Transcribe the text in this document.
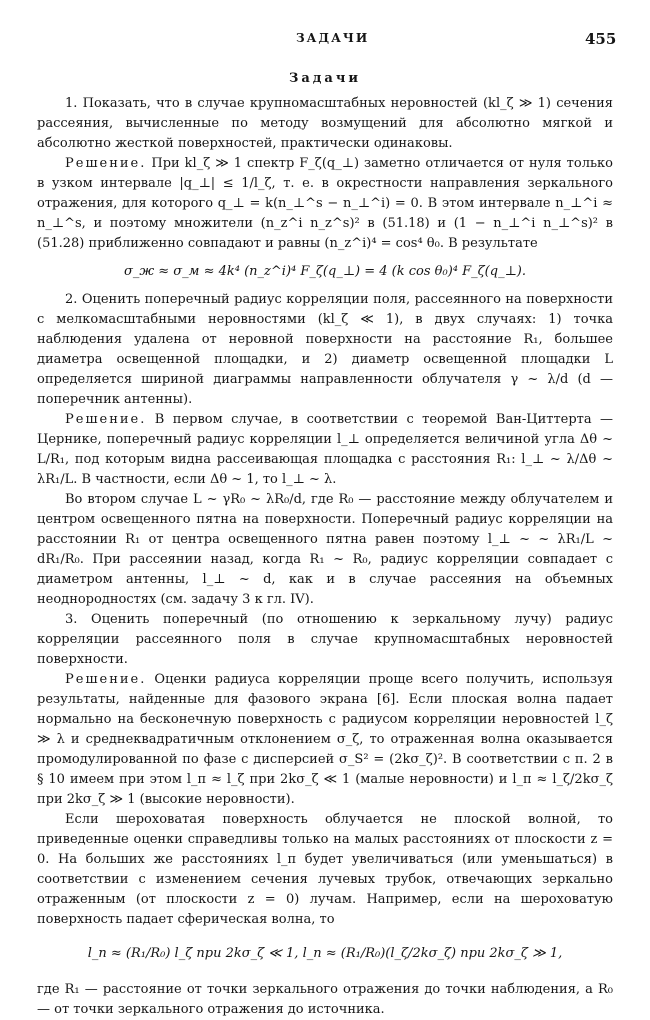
ЗАДАЧИ	455
Задачи

1. Показать, что в случае крупномасштабных неровностей (kl_ζ ≫ 1) сечения рассеяния, вычисленные по методу возмущений для абсолютно мягкой и абсолютно жесткой поверхностей, практически одинаковы.

Решение. При kl_ζ ≫ 1 спектр F_ζ(q_⊥) заметно отличается от нуля только в узком интервале |q_⊥| ≤ 1/l_ζ, т. е. в окрестности направления зеркального отражения, для которого q_⊥ = k(n_⊥^s − n_⊥^i) = 0. В этом интервале n_⊥^i ≈ n_⊥^s, и поэтому множители (n_z^i n_z^s)² в (51.18) и (1 − n_⊥^i n_⊥^s)² в (51.28) приближенно совпадают и равны (n_z^i)⁴ = cos⁴ θ₀. В результате

σ_ж ≈ σ_м ≈ 4k⁴ (n_z^i)⁴ F_ζ(q_⊥) = 4 (k cos θ₀)⁴ F_ζ(q_⊥).

2. Оценить поперечный радиус корреляции поля, рассеянного на поверхности с мелкомасштабными неровностями (kl_ζ ≪ 1), в двух случаях: 1) точка наблюдения удалена от неровной поверхности на расстояние R₁, большее диаметра освещенной площадки, и 2) диаметр освещенной площадки L определяется шириной диаграммы направленности облучателя γ ~ λ/d (d — поперечник антенны).

Решение. В первом случае, в соответствии с теоремой Ван-Циттерта — Цернике, поперечный радиус корреляции l_⊥ определяется величиной угла Δθ ~ L/R₁, под которым видна рассеивающая площадка с расстояния R₁: l_⊥ ~ λ/Δθ ~ λR₁/L. В частности, если Δθ ~ 1, то l_⊥ ~ λ.

Во втором случае L ~ γR₀ ~ λR₀/d, где R₀ — расстояние между облучателем и центром освещенного пятна на поверхности. Поперечный радиус корреляции на расстоянии R₁ от центра освещенного пятна равен поэтому l_⊥ ~ ~ λR₁/L ~ dR₁/R₀. При рассеянии назад, когда R₁ ~ R₀, радиус корреляции совпадает с диаметром антенны, l_⊥ ~ d, как и в случае рассеяния на объемных неоднородностях (см. задачу 3 к гл. IV).

3. Оценить поперечный (по отношению к зеркальному лучу) радиус корреляции рассеянного поля в случае крупномасштабных неровностей поверхности.

Решение. Оценки радиуса корреляции проще всего получить, используя результаты, найденные для фазового экрана [6]. Если плоская волна падает нормально на бесконечную поверхность с радиусом корреляции неровностей l_ζ ≫ λ и среднеквадратичным отклонением σ_ζ, то отраженная волна оказывается промодулированной по фазе с дисперсией σ_S² = (2kσ_ζ)². В соответствии с п. 2 в § 10 имеем при этом l_п ≈ l_ζ при 2kσ_ζ ≪ 1 (малые неровности) и l_п ≈ l_ζ/2kσ_ζ при 2kσ_ζ ≫ 1 (высокие неровности).

Если шероховатая поверхность облучается не плоской волной, то приведенные оценки справедливы только на малых расстояниях от плоскости z = 0. На больших же расстояниях l_п будет увеличиваться (или уменьшаться) в соответствии с изменением сечения лучевых трубок, отвечающих зеркально отраженным (от плоскости z = 0) лучам. Например, если на шероховатую поверхность падает сферическая волна, то

l_п ≈ (R₁/R₀) l_ζ при 2kσ_ζ ≪ 1, l_п ≈ (R₁/R₀)(l_ζ/2kσ_ζ) при 2kσ_ζ ≫ 1,

где R₁ — расстояние от точки зеркального отражения до точки наблюдения, а R₀ — от точки зеркального отражения до источника.
